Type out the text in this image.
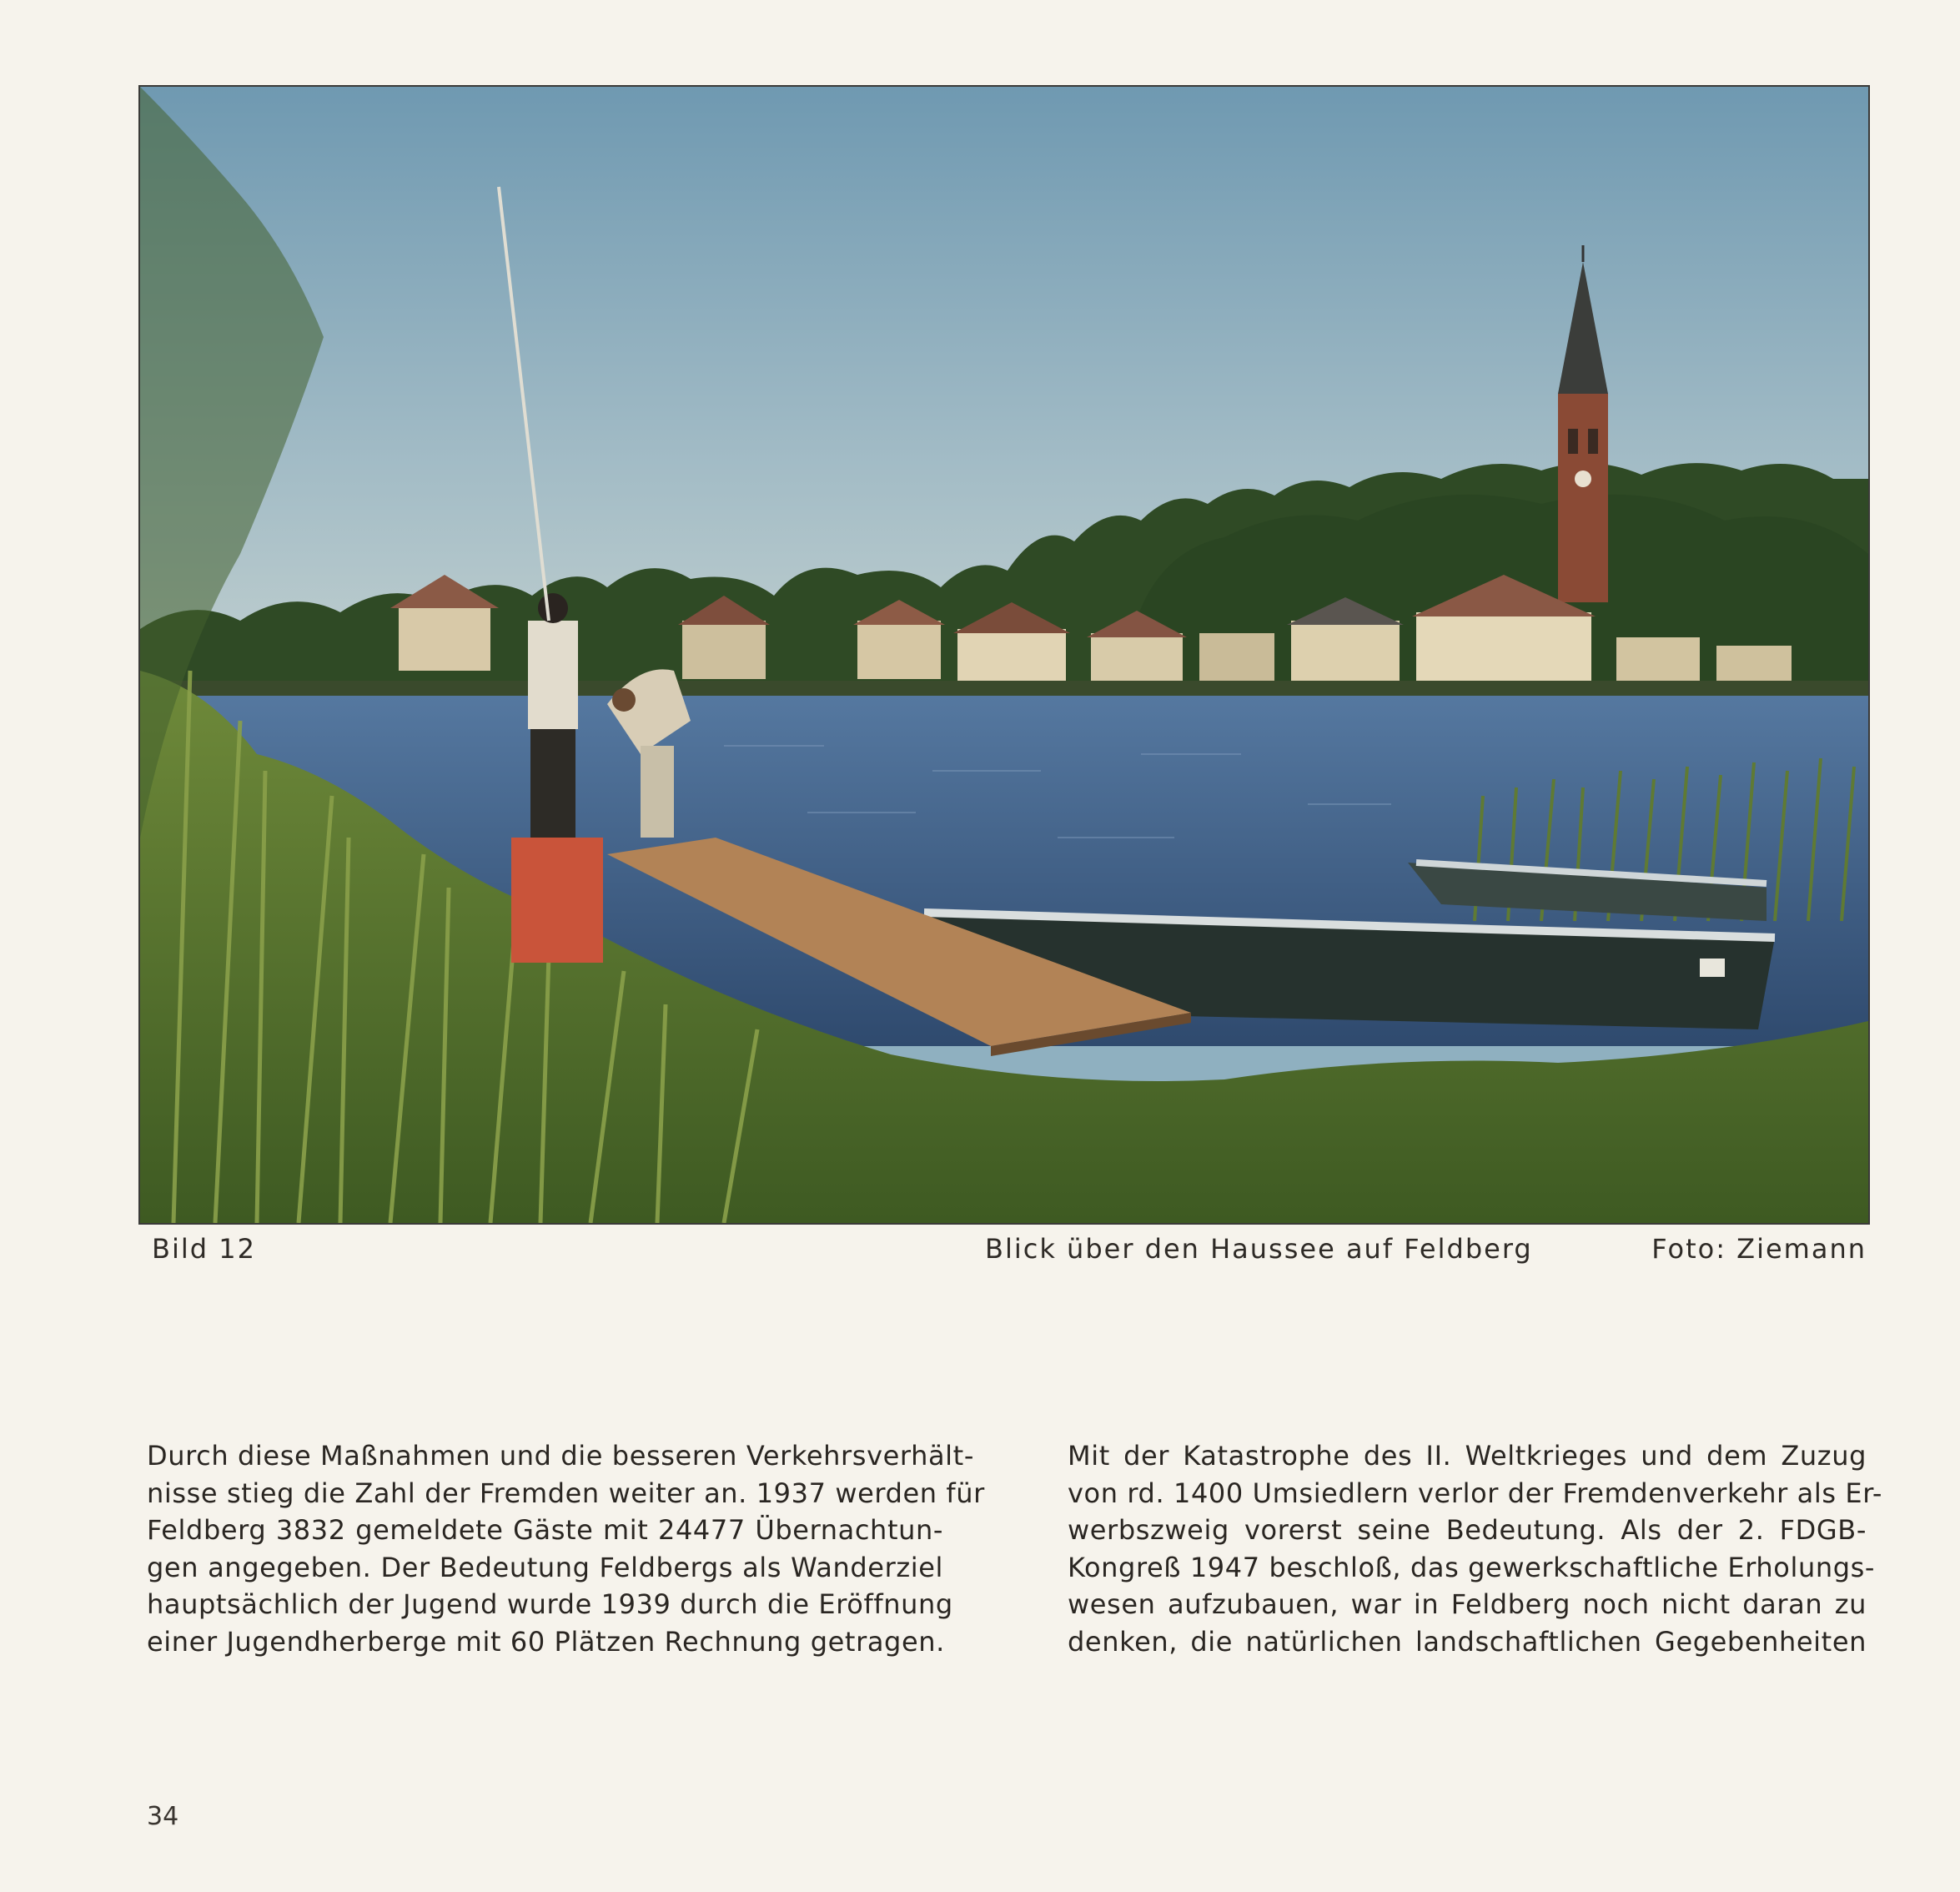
Bild 12	Blick über den Haussee auf Feldberg	Foto: Ziemann
Durch diese Maßnahmen und die besseren Verkehrsverhält-
nisse stieg die Zahl der Fremden weiter an. 1937 werden für
Feldberg 3832 gemeldete Gäste mit 24477 Übernachtun-
gen angegeben. Der Bedeutung Feldbergs als Wanderziel
hauptsächlich der Jugend wurde 1939 durch die Eröffnung
einer Jugendherberge mit 60 Plätzen Rechnung getragen.
Mit der Katastrophe des II. Weltkrieges und dem Zuzug
von rd. 1400 Umsiedlern verlor der Fremdenverkehr als Er-
werbszweig vorerst seine Bedeutung. Als der 2. FDGB-
Kongreß 1947 beschloß, das gewerkschaftliche Erholungs-
wesen aufzubauen, war in Feldberg noch nicht daran zu
denken, die natürlichen landschaftlichen Gegebenheiten
34
